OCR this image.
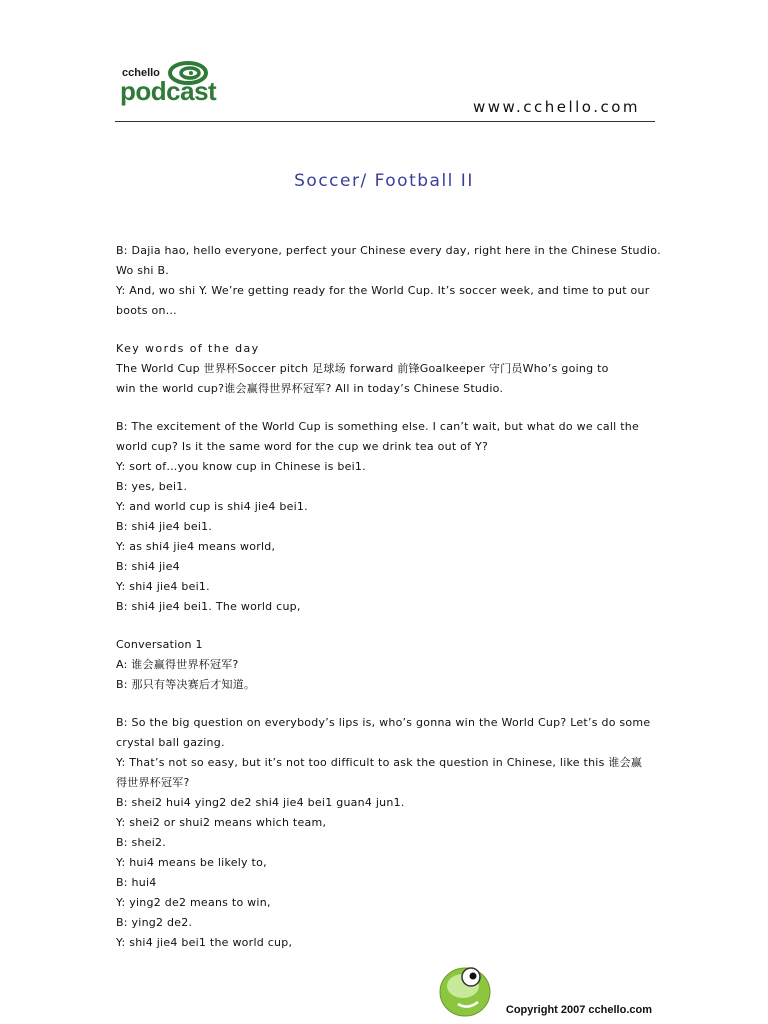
cchello
podcast
www.cchello.com
Soccer/ Football II

B: Dajia hao, hello everyone, perfect your Chinese every day, right here in the Chinese Studio.

Wo shi B.

Y: And, wo shi Y. We’re getting ready for the World Cup. It’s soccer week, and time to put our

boots on…

Key words of the day

The World Cup 世界杯Soccer pitch 足球场 forward 前锋Goalkeeper 守门员Who’s going to

win the world cup?谁会赢得世界杯冠军? All in today’s Chinese Studio.

B: The excitement of the World Cup is something else. I can’t wait, but what do we call the

world cup? Is it the same word for the cup we drink tea out of Y?

Y: sort of…you know cup in Chinese is bei1.

B: yes, bei1.

Y: and world cup is shi4 jie4 bei1.

B: shi4 jie4 bei1.

Y: as shi4 jie4 means world,

B: shi4 jie4

Y: shi4 jie4 bei1.

B: shi4 jie4 bei1. The world cup,

Conversation 1

A: 谁会赢得世界杯冠军?

B: 那只有等决赛后才知道。

B: So the big question on everybody’s lips is, who’s gonna win the World Cup? Let’s do some

crystal ball gazing.

Y: That’s not so easy, but it’s not too difficult to ask the question in Chinese, like this 谁会赢

得世界杯冠军?

B: shei2 hui4 ying2 de2 shi4 jie4 bei1 guan4 jun1.

Y: shei2 or shui2 means which team,

B: shei2.

Y: hui4 means be likely to,

B: hui4

Y: ying2 de2 means to win,

B: ying2 de2.

Y: shi4 jie4 bei1 the world cup,

Copyright 2007 cchello.com
